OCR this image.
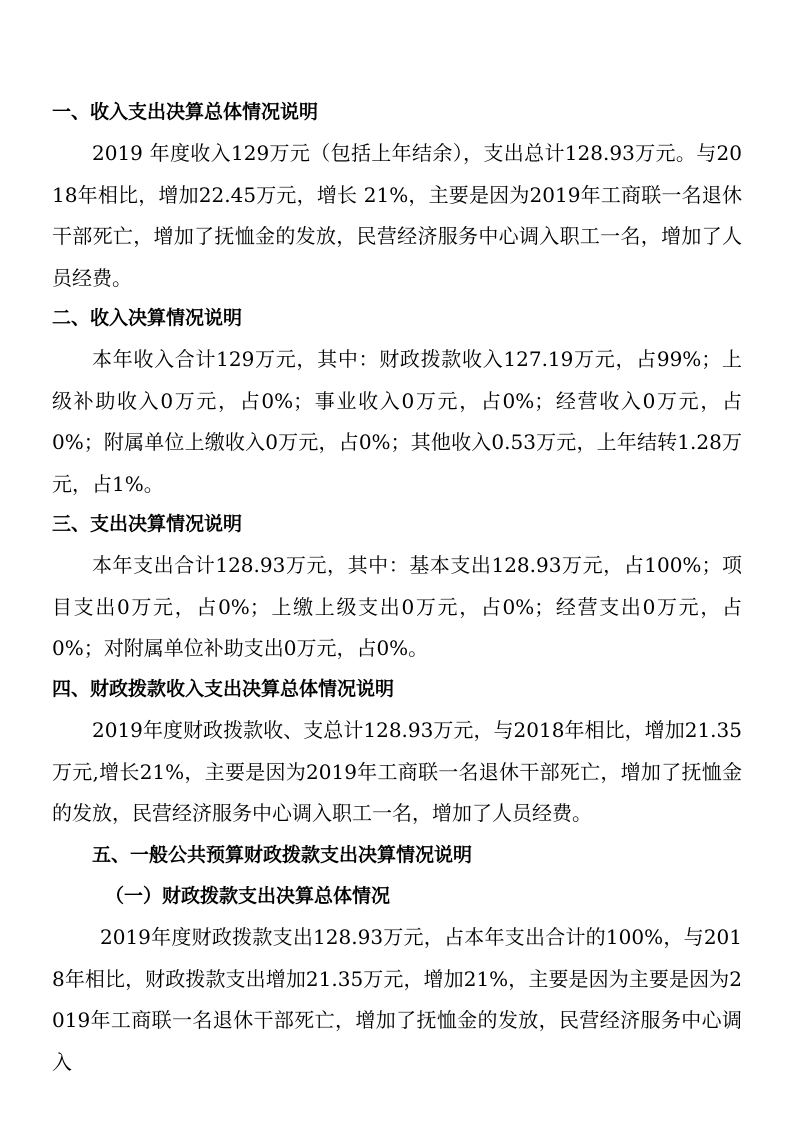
一、收入支出决算总体情况说明

2019 年度收入129万元（包括上年结余），支出总计128.93万元。与2018年相比，增加22.45万元，增长 21%，主要是因为2019年工商联一名退休干部死亡，增加了抚恤金的发放，民营经济服务中心调入职工一名，增加了人员经费。

二、收入决算情况说明

本年收入合计129万元，其中：财政拨款收入127.19万元，占99%；上级补助收入0万元，占0%；事业收入0万元，占0%；经营收入0万元，占0%；附属单位上缴收入0万元，占0%；其他收入0.53万元，上年结转1.28万元，占1%。

三、支出决算情况说明

本年支出合计128.93万元，其中：基本支出128.93万元，占100%；项目支出0万元，占0%；上缴上级支出0万元，占0%；经营支出0万元，占0%；对附属单位补助支出0万元，占0%。

四、财政拨款收入支出决算总体情况说明

2019年度财政拨款收、支总计128.93万元，与2018年相比，增加21.35万元,增长21%，主要是因为2019年工商联一名退休干部死亡，增加了抚恤金的发放，民营经济服务中心调入职工一名，增加了人员经费。

五、一般公共预算财政拨款支出决算情况说明
（一）财政拨款支出决算总体情况

2019年度财政拨款支出128.93万元，占本年支出合计的100%，与2018年相比，财政拨款支出增加21.35万元，增加21%，主要是因为主要是因为2019年工商联一名退休干部死亡，增加了抚恤金的发放，民营经济服务中心调入
